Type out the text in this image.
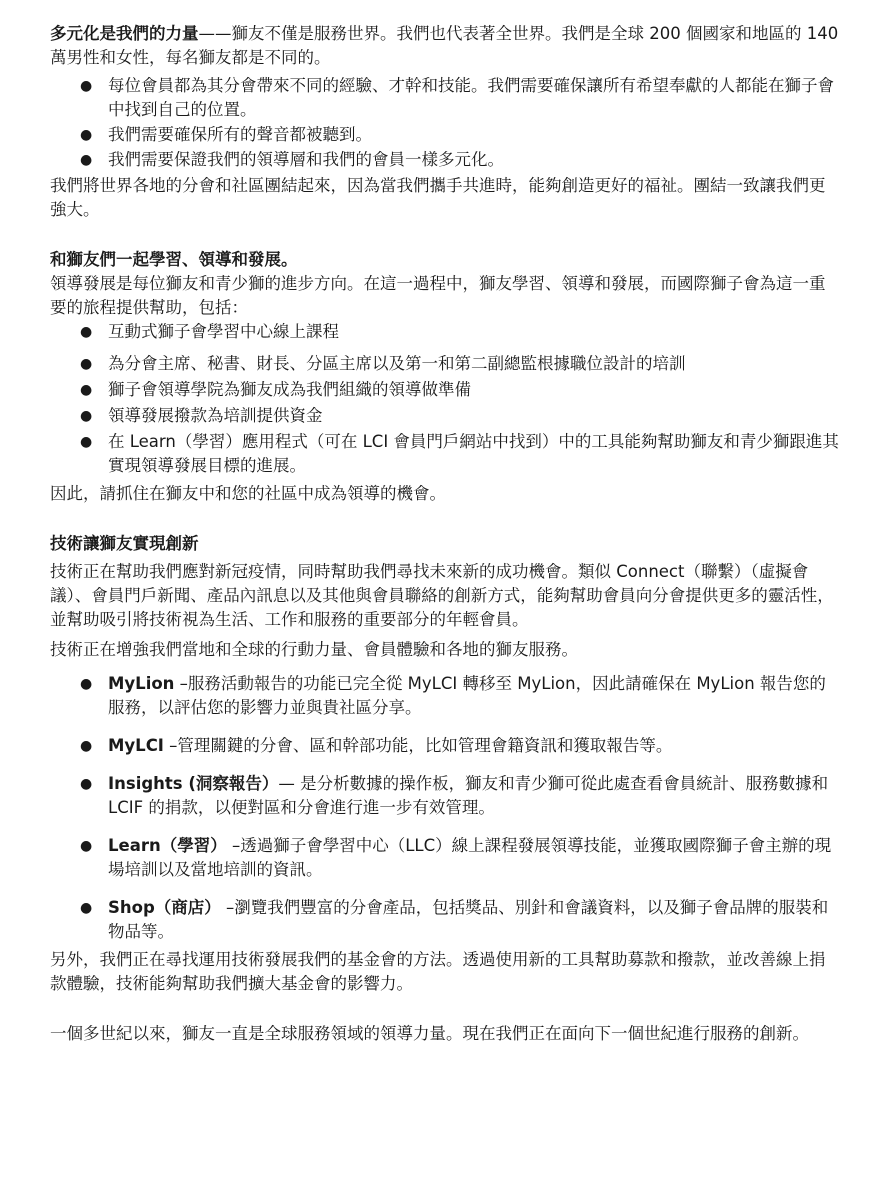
多元化是我們的力量——獅友不僅是服務世界。我們也代表著全世界。我們是全球 200 個國家和地區的 140 萬男性和女性，每名獅友都是不同的。

● 每位會員都為其分會帶來不同的經驗、才幹和技能。我們需要確保讓所有希望奉獻的人都能在獅子會中找到自己的位置。
● 我們需要確保所有的聲音都被聽到。
● 我們需要保證我們的領導層和我們的會員一樣多元化。

我們將世界各地的分會和社區團結起來，因為當我們攜手共進時，能夠創造更好的福祉。團結一致讓我們更強大。

和獅友們一起學習、領導和發展。

領導發展是每位獅友和青少獅的進步方向。在這一過程中，獅友學習、領導和發展，而國際獅子會為這一重要的旅程提供幫助，包括：

● 互動式獅子會學習中心線上課程
● 為分會主席、秘書、財長、分區主席以及第一和第二副總監根據職位設計的培訓
● 獅子會領導學院為獅友成為我們組織的領導做準備
● 領導發展撥款為培訓提供資金
● 在 Learn（學習）應用程式（可在 LCI 會員門戶網站中找到）中的工具能夠幫助獅友和青少獅跟進其實現領導發展目標的進展。

因此，請抓住在獅友中和您的社區中成為領導的機會。

技術讓獅友實現創新

技術正在幫助我們應對新冠疫情，同時幫助我們尋找未來新的成功機會。類似 Connect（聯繫）（虛擬會議）、會員門戶新聞、產品內訊息以及其他與會員聯絡的創新方式，能夠幫助會員向分會提供更多的靈活性，並幫助吸引將技術視為生活、工作和服務的重要部分的年輕會員。

技術正在增強我們當地和全球的行動力量、會員體驗和各地的獅友服務。

● MyLion –服務活動報告的功能已完全從 MyLCI 轉移至 MyLion，因此請確保在 MyLion 報告您的服務，以評估您的影響力並與貴社區分享。
● MyLCI –管理關鍵的分會、區和幹部功能，比如管理會籍資訊和獲取報告等。
● Insights (洞察報告）— 是分析數據的操作板，獅友和青少獅可從此處查看會員統計、服務數據和 LCIF 的捐款，以便對區和分會進行進一步有效管理。
● Learn（學習） –透過獅子會學習中心（LLC）線上課程發展領導技能，並獲取國際獅子會主辦的現場培訓以及當地培訓的資訊。
● Shop（商店） –瀏覽我們豐富的分會產品，包括獎品、別針和會議資料，以及獅子會品牌的服裝和物品等。

另外，我們正在尋找運用技術發展我們的基金會的方法。透過使用新的工具幫助募款和撥款，並改善線上捐款體驗，技術能夠幫助我們擴大基金會的影響力。

一個多世紀以來，獅友一直是全球服務領域的領導力量。現在我們正在面向下一個世紀進行服務的創新。
